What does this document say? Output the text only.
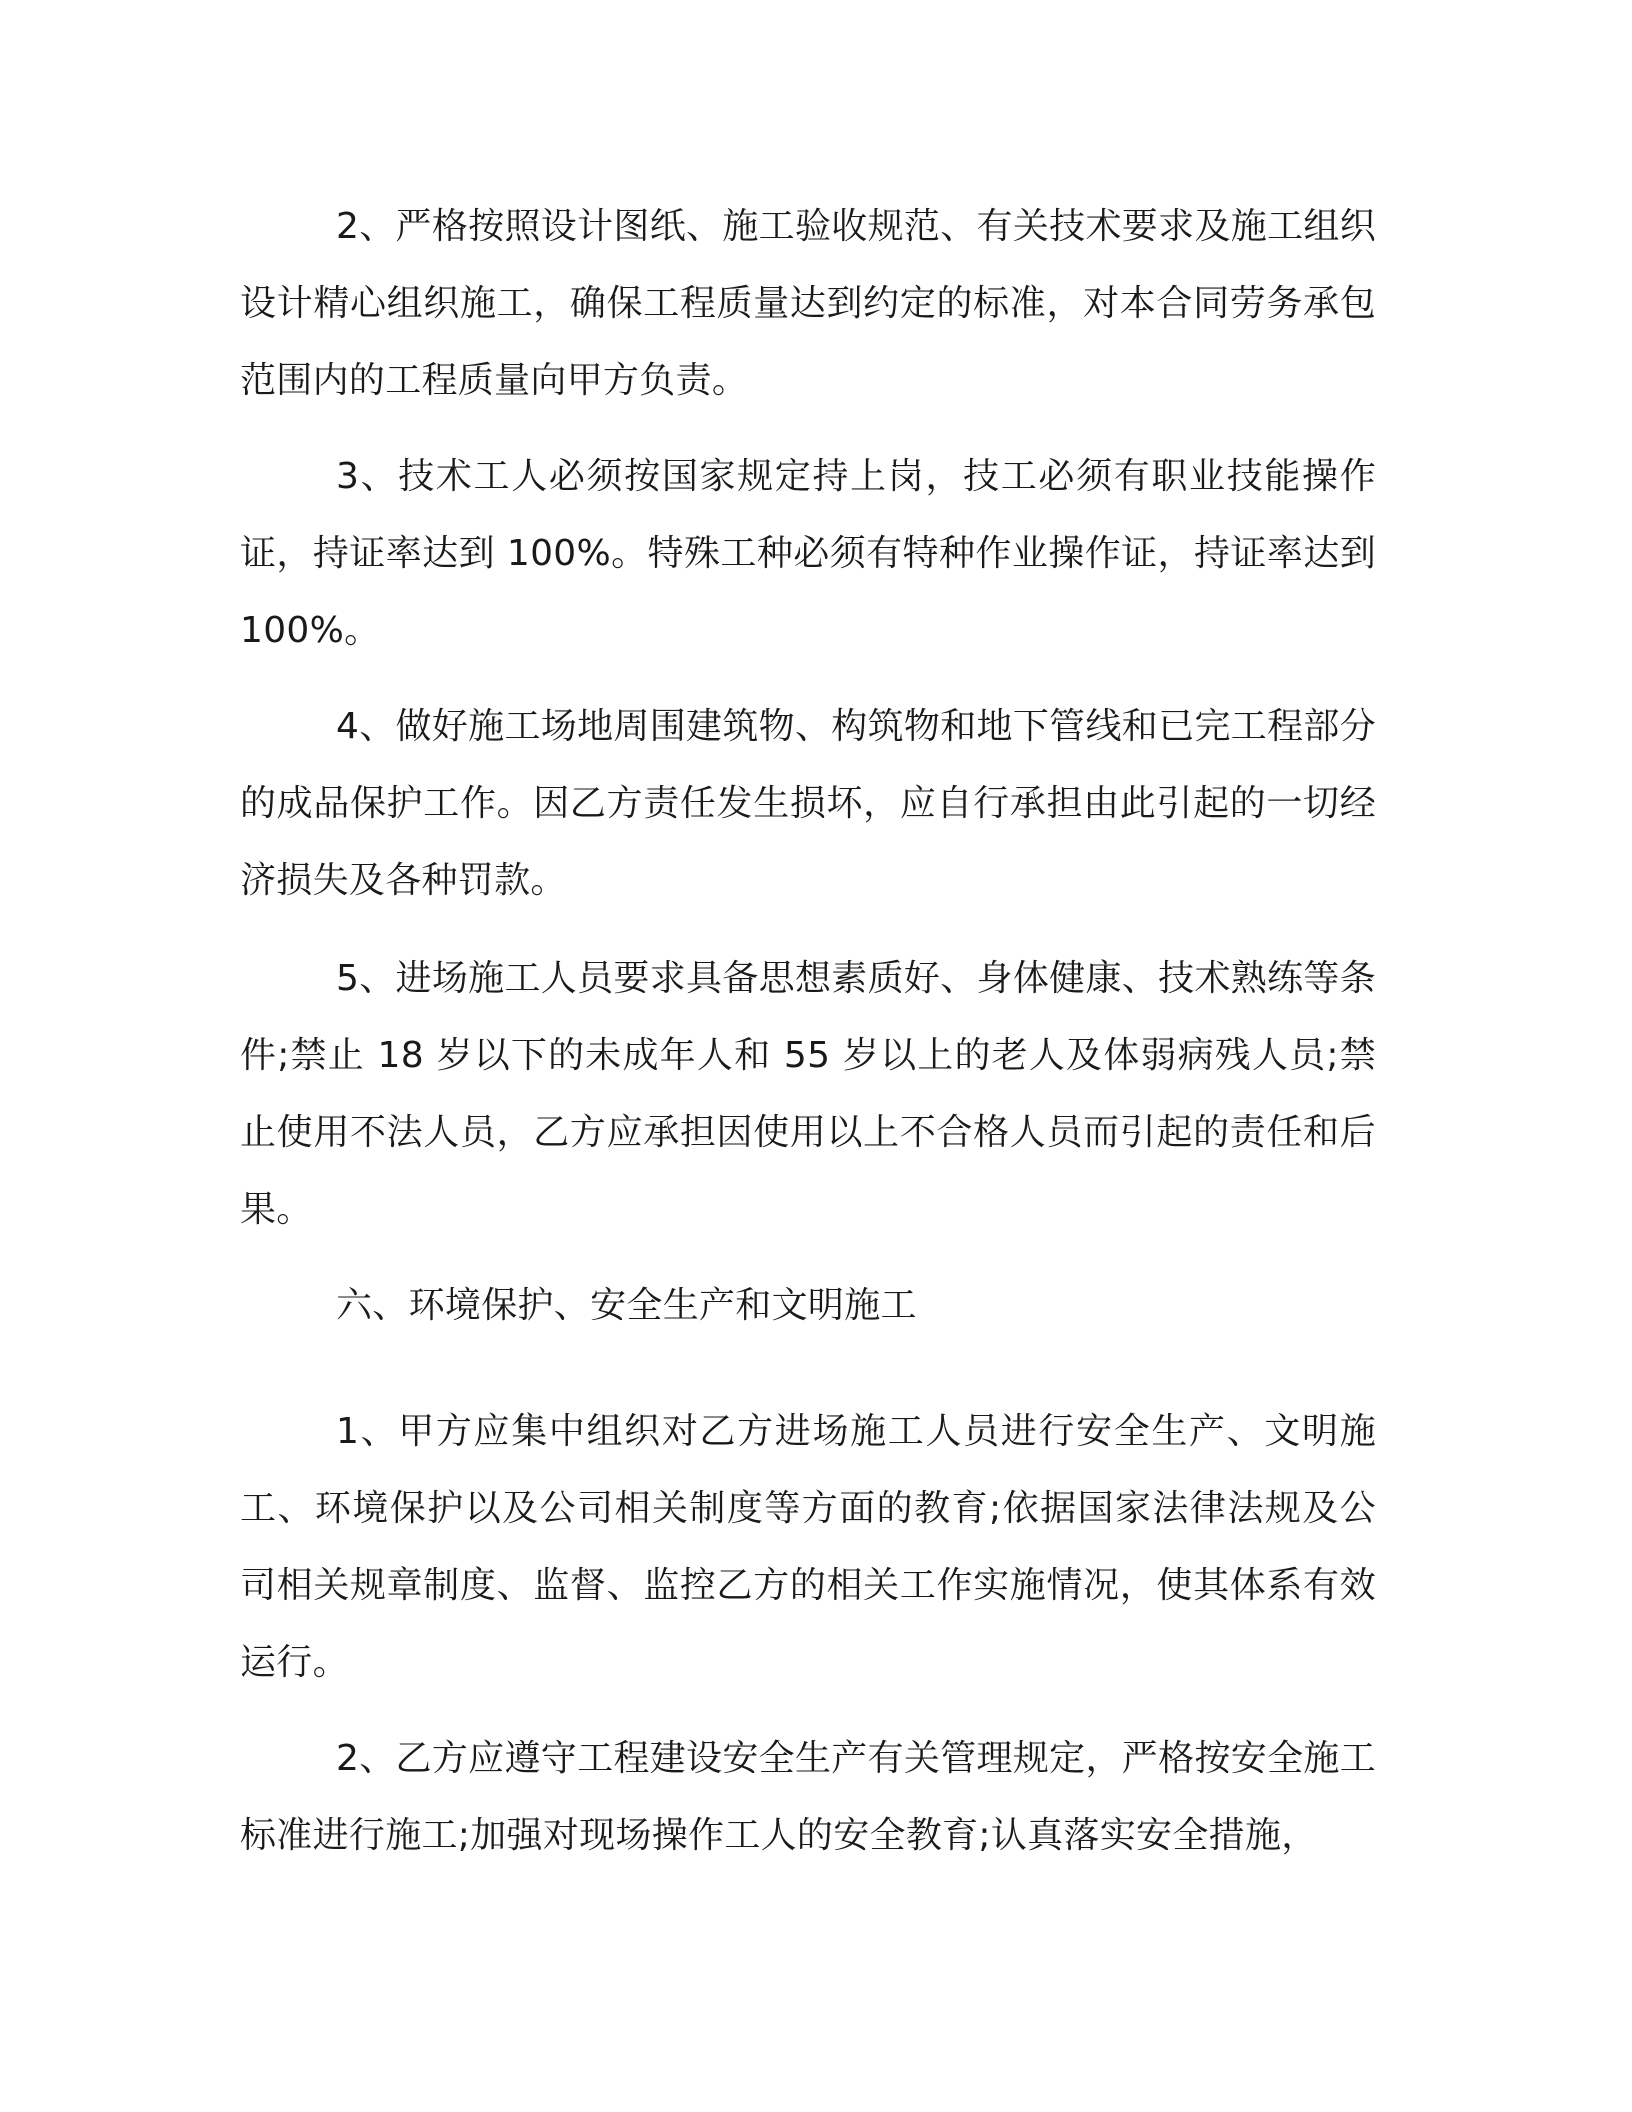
2、严格按照设计图纸、施工验收规范、有关技术要求及施工组织设计精心组织施工，确保工程质量达到约定的标准，对本合同劳务承包范围内的工程质量向甲方负责。

3、技术工人必须按国家规定持上岗，技工必须有职业技能操作证，持证率达到 100%。特殊工种必须有特种作业操作证，持证率达到 100%。

4、做好施工场地周围建筑物、构筑物和地下管线和已完工程部分的成品保护工作。因乙方责任发生损坏，应自行承担由此引起的一切经济损失及各种罚款。

5、进场施工人员要求具备思想素质好、身体健康、技术熟练等条件;禁止 18 岁以下的未成年人和 55 岁以上的老人及体弱病残人员;禁止使用不法人员，乙方应承担因使用以上不合格人员而引起的责任和后果。

六、环境保护、安全生产和文明施工

1、甲方应集中组织对乙方进场施工人员进行安全生产、文明施工、环境保护以及公司相关制度等方面的教育;依据国家法律法规及公司相关规章制度、监督、监控乙方的相关工作实施情况，使其体系有效运行。

2、乙方应遵守工程建设安全生产有关管理规定，严格按安全施工标准进行施工;加强对现场操作工人的安全教育;认真落实安全措施，
